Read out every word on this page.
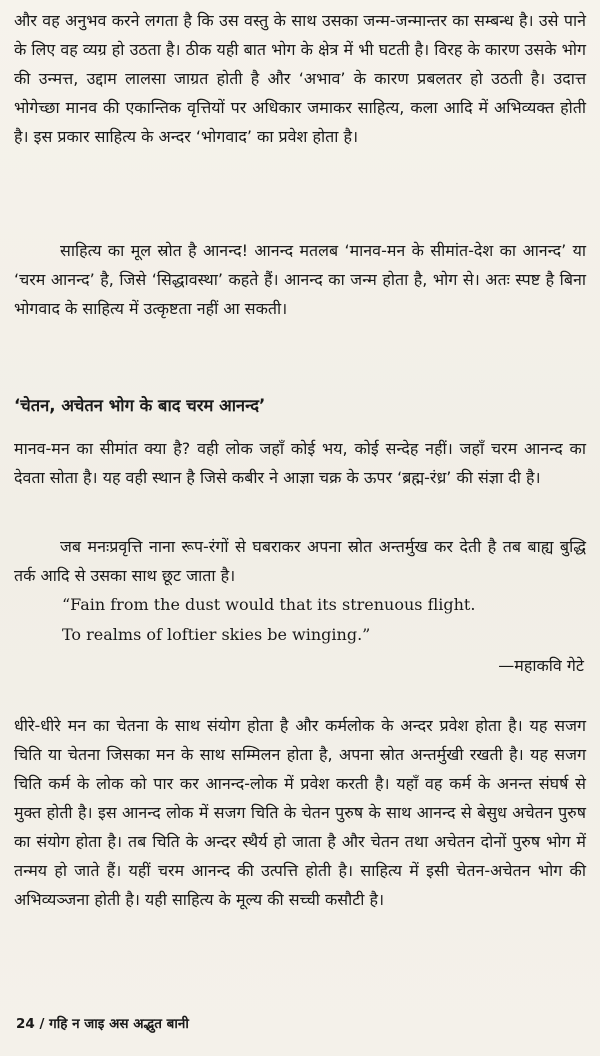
और वह अनुभव करने लगता है कि उस वस्तु के साथ उसका जन्म-जन्मान्तर का सम्बन्ध है। उसे पाने के लिए वह व्यग्र हो उठता है। ठीक यही बात भोग के क्षेत्र में भी घटती है। विरह के कारण उसके भोग की उन्मत्त, उद्दाम लालसा जाग्रत होती है और ‘अभाव’ के कारण प्रबलतर हो उठती है। उदात्त भोगेच्छा मानव की एकान्तिक वृत्तियों पर अधिकार जमाकर साहित्य, कला आदि में अभिव्यक्त होती है। इस प्रकार साहित्य के अन्दर ‘भोगवाद’ का प्रवेश होता है।

साहित्य का मूल स्रोत है आनन्द! आनन्द मतलब ‘मानव-मन के सीमांत-देश का आनन्द’ या ‘चरम आनन्द’ है, जिसे ‘सिद्धावस्था’ कहते हैं। आनन्द का जन्म होता है, भोग से। अतः स्पष्ट है बिना भोगवाद के साहित्य में उत्कृष्टता नहीं आ सकती।

‘चेतन, अचेतन भोग के बाद चरम आनन्द’

मानव-मन का सीमांत क्या है? वही लोक जहाँ कोई भय, कोई सन्देह नहीं। जहाँ चरम आनन्द का देवता सोता है। यह वही स्थान है जिसे कबीर ने आज्ञा चक्र के ऊपर ‘ब्रह्म-रंध्र’ की संज्ञा दी है।

जब मनःप्रवृत्ति नाना रूप-रंगों से घबराकर अपना स्रोत अन्तर्मुख कर देती है तब बाह्य बुद्धि तर्क आदि से उसका साथ छूट जाता है।

“Fain from the dust would that its strenuous flight.

To realms of loftier skies be winging.”

—महाकवि गेटे

धीरे-धीरे मन का चेतना के साथ संयोग होता है और कर्मलोक के अन्दर प्रवेश होता है। यह सजग चिति या चेतना जिसका मन के साथ सम्मिलन होता है, अपना स्रोत अन्तर्मुखी रखती है। यह सजग चिति कर्म के लोक को पार कर आनन्द-लोक में प्रवेश करती है। यहाँ वह कर्म के अनन्त संघर्ष से मुक्त होती है। इस आनन्द लोक में सजग चिति के चेतन पुरुष के साथ आनन्द से बेसुध अचेतन पुरुष का संयोग होता है। तब चिति के अन्दर स्थैर्य हो जाता है और चेतन तथा अचेतन दोनों पुरुष भोग में तन्मय हो जाते हैं। यहीं चरम आनन्द की उत्पत्ति होती है। साहित्य में इसी चेतन-अचेतन भोग की अभिव्यञ्जना होती है। यही साहित्य के मूल्य की सच्ची कसौटी है।

24 / गहि न जाइ अस अद्भुत बानी
